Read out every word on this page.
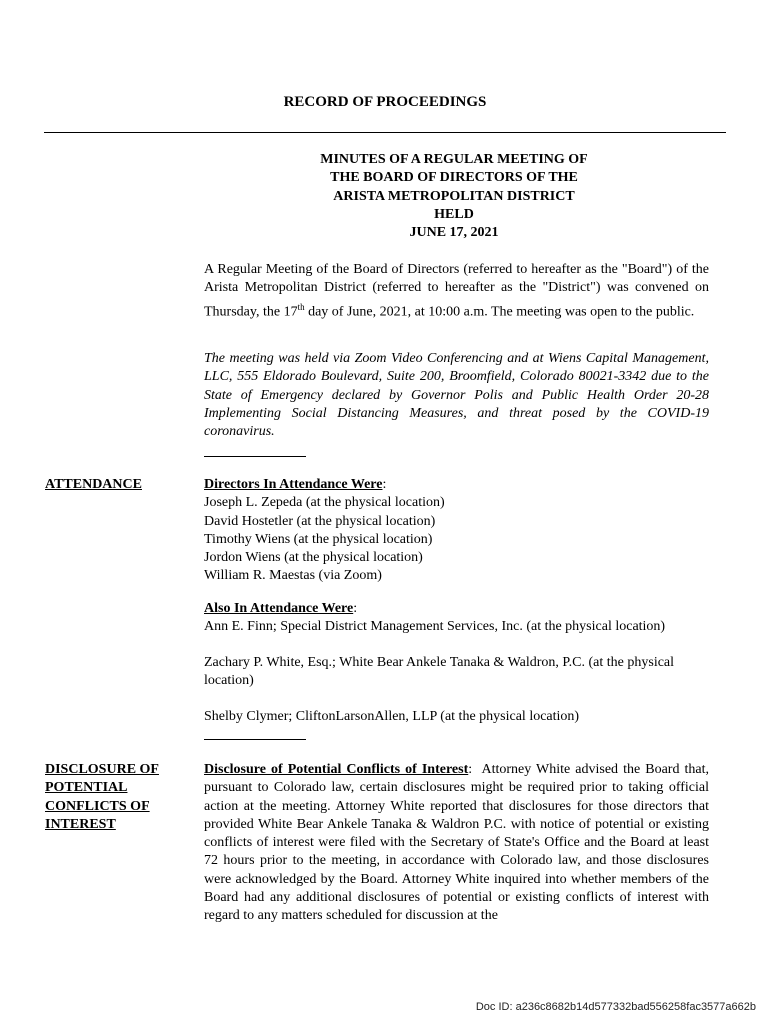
RECORD OF PROCEEDINGS
MINUTES OF A REGULAR MEETING OF
THE BOARD OF DIRECTORS OF THE
ARISTA METROPOLITAN DISTRICT
HELD
JUNE 17, 2021
A Regular Meeting of the Board of Directors (referred to hereafter as the "Board") of the Arista Metropolitan District (referred to hereafter as the "District") was convened on Thursday, the 17th day of June, 2021, at 10:00 a.m. The meeting was open to the public.
The meeting was held via Zoom Video Conferencing and at Wiens Capital Management, LLC, 555 Eldorado Boulevard, Suite 200, Broomfield, Colorado 80021-3342 due to the State of Emergency declared by Governor Polis and Public Health Order 20-28 Implementing Social Distancing Measures, and threat posed by the COVID-19 coronavirus.
ATTENDANCE	Directors In Attendance Were:
Joseph L. Zepeda (at the physical location)
David Hostetler (at the physical location)
Timothy Wiens (at the physical location)
Jordon Wiens (at the physical location)
William R. Maestas (via Zoom)
Also In Attendance Were:
Ann E. Finn; Special District Management Services, Inc. (at the physical location)
Zachary P. White, Esq.; White Bear Ankele Tanaka & Waldron, P.C. (at the physical location)
Shelby Clymer; CliftonLarsonAllen, LLP (at the physical location)
DISCLOSURE OF POTENTIAL CONFLICTS OF INTEREST
Disclosure of Potential Conflicts of Interest: Attorney White advised the Board that, pursuant to Colorado law, certain disclosures might be required prior to taking official action at the meeting. Attorney White reported that disclosures for those directors that provided White Bear Ankele Tanaka & Waldron P.C. with notice of potential or existing conflicts of interest were filed with the Secretary of State's Office and the Board at least 72 hours prior to the meeting, in accordance with Colorado law, and those disclosures were acknowledged by the Board. Attorney White inquired into whether members of the Board had any additional disclosures of potential or existing conflicts of interest with regard to any matters scheduled for discussion at the
Doc ID: a236c8682b14d577332bad556258fac3577a662b
